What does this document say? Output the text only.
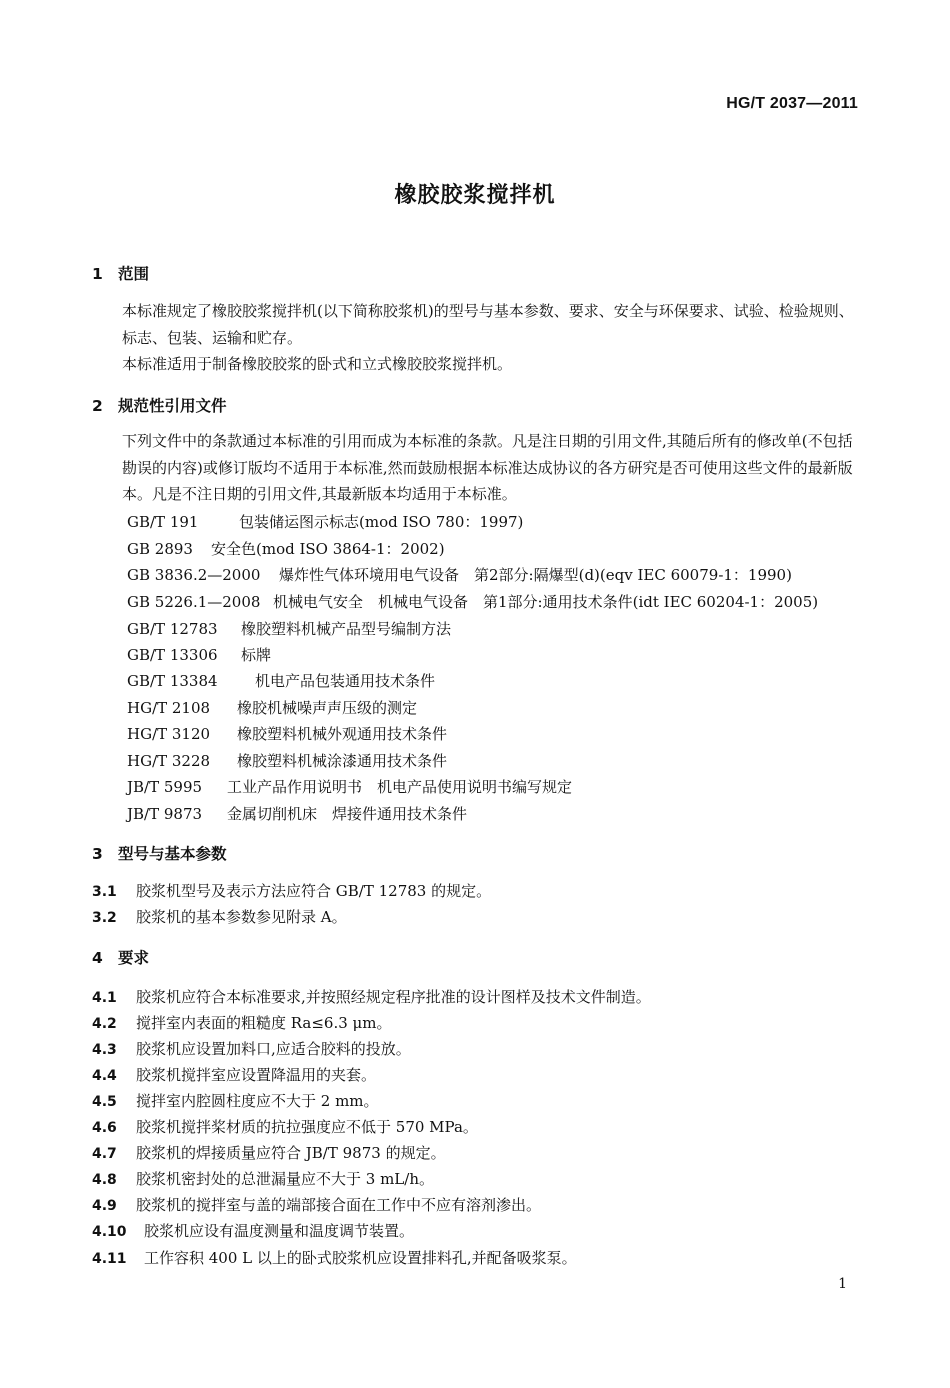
HG/T 2037—2011
橡胶胶浆搅拌机
1 范围
本标准规定了橡胶胶浆搅拌机(以下简称胶浆机)的型号与基本参数、要求、安全与环保要求、试验、检验规则、标志、包装、运输和贮存。
本标准适用于制备橡胶胶浆的卧式和立式橡胶胶浆搅拌机。
2 规范性引用文件
下列文件中的条款通过本标准的引用而成为本标准的条款。凡是注日期的引用文件,其随后所有的修改单(不包括勘误的内容)或修订版均不适用于本标准,然而鼓励根据本标准达成协议的各方研究是否可使用这些文件的最新版本。凡是不注日期的引用文件,其最新版本均适用于本标准。
GB/T 191	包装储运图示标志(mod ISO 780：1997)
GB 2893 安全色(mod ISO 3864-1：2002)
GB 3836.2—2000 爆炸性气体环境用电气设备　第2部分:隔爆型(d)(eqv IEC 60079-1：1990)
GB 5226.1—2008 机械电气安全　机械电气设备　第1部分:通用技术条件(idt IEC 60204-1：2005)
GB/T 12783 橡胶塑料机械产品型号编制方法
GB/T 13306 标牌
GB/T 13384 机电产品包装通用技术条件
HG/T 2108 橡胶机械噪声声压级的测定
HG/T 3120 橡胶塑料机械外观通用技术条件
HG/T 3228 橡胶塑料机械涂漆通用技术条件
JB/T 5995 工业产品作用说明书　机电产品使用说明书编写规定
JB/T 9873 金属切削机床　焊接件通用技术条件
3 型号与基本参数
3.1 胶浆机型号及表示方法应符合 GB/T 12783 的规定。
3.2 胶浆机的基本参数参见附录 A。
4 要求
4.1 胶浆机应符合本标准要求,并按照经规定程序批准的设计图样及技术文件制造。
4.2 搅拌室内表面的粗糙度 Ra≤6.3 μm。
4.3 胶浆机应设置加料口,应适合胶料的投放。
4.4 胶浆机搅拌室应设置降温用的夹套。
4.5 搅拌室内腔圆柱度应不大于 2 mm。
4.6 胶浆机搅拌桨材质的抗拉强度应不低于 570 MPa。
4.7 胶浆机的焊接质量应符合 JB/T 9873 的规定。
4.8 胶浆机密封处的总泄漏量应不大于 3 mL/h。
4.9 胶浆机的搅拌室与盖的端部接合面在工作中不应有溶剂渗出。
4.10 胶浆机应设有温度测量和温度调节装置。
4.11 工作容积 400 L 以上的卧式胶浆机应设置排料孔,并配备吸浆泵。
1
